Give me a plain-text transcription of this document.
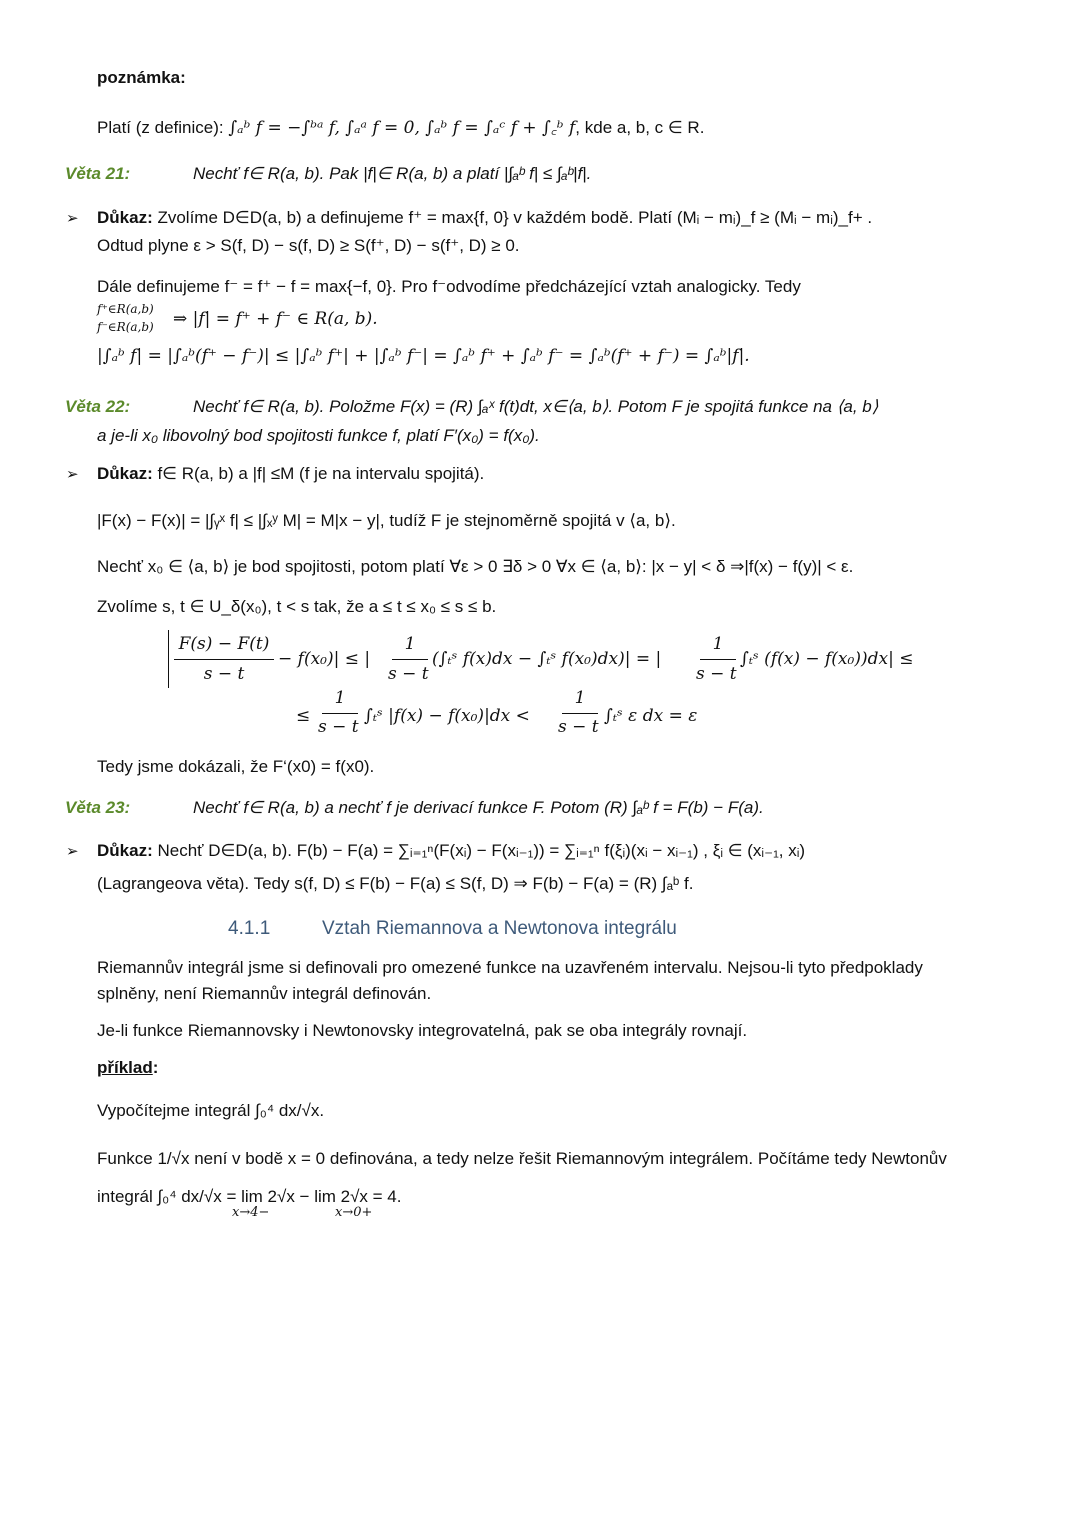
poznámka:
Platí (z definice): ∫ₐᵇ f = −∫ᵇᵃ f, ∫ₐᵃ f = 0, ∫ₐᵇ f = ∫ₐᶜ f + ∫꜀ᵇ f, kde a, b, c ∈ R.
Věta 21:	Nechť f∈ R(a, b). Pak |f|∈ R(a, b) a platí |∫ₐᵇ f| ≤ ∫ₐᵇ|f|.
➢ Důkaz: Zvolíme D∈D(a, b) a definujeme f⁺ = max{f, 0} v každém bodě. Platí (Mᵢ − mᵢ)_f ≥ (Mᵢ − mᵢ)_f+ .
Odtud plyne ε > S(f, D) − s(f, D) ≥ S(f⁺, D) − s(f⁺, D) ≥ 0.
Dále definujeme f⁻ = f⁺ − f = max{−f, 0}. Pro f⁻odvodíme předcházející vztah analogicky. Tedy
f⁺∈R(a,b)
f⁻∈R(a,b) ⇒ |f| = f⁺ + f⁻ ∈ R(a, b).
|∫ₐᵇ f| = |∫ₐᵇ(f⁺ − f⁻)| ≤ |∫ₐᵇ f⁺| + |∫ₐᵇ f⁻| = ∫ₐᵇ f⁺ + ∫ₐᵇ f⁻ = ∫ₐᵇ(f⁺ + f⁻) = ∫ₐᵇ|f|.
Věta 22:	Nechť f∈ R(a, b). Položme F(x) = (R) ∫ₐˣ f(t)dt, x∈⟨a, b⟩. Potom F je spojitá funkce na ⟨a, b⟩
a je-li x₀ libovolný bod spojitosti funkce f, platí F′(x₀) = f(x₀).
➢ Důkaz: f∈ R(a, b) a |f| ≤M (f je na intervalu spojitá).
|F(x) − F(x)| = |∫ᵧˣ f| ≤ |∫ₓʸ M| = M|x − y|, tudíž F je stejnoměrně spojitá v ⟨a, b⟩.
Nechť x₀ ∈ ⟨a, b⟩ je bod spojitosti, potom platí ∀ε > 0 ∃δ > 0 ∀x ∈ ⟨a, b⟩: |x − y| < δ ⇒|f(x) − f(y)| < ε.
Zvolíme s, t ∈ U_δ(x₀), t < s tak, že a ≤ t ≤ x₀ ≤ s ≤ b.
F(s) − F(t)
s − t
− f(x₀)| ≤ |
1
s − t
(∫ₜˢ f(x)dx − ∫ₜˢ f(x₀)dx)| = |
1
s − t
∫ₜˢ (f(x) − f(x₀))dx| ≤
≤
1
s − t
∫ₜˢ |f(x) − f(x₀)|dx <
1
s − t
∫ₜˢ ε dx = ε
Tedy jsme dokázali, že F‘(x0) = f(x0).
Věta 23:	Nechť f∈ R(a, b) a nechť f je derivací funkce F. Potom (R) ∫ₐᵇ f = F(b) − F(a).
➢ Důkaz: Nechť D∈D(a, b). F(b) − F(a) = ∑ᵢ₌₁ⁿ(F(xᵢ) − F(xᵢ₋₁)) = ∑ᵢ₌₁ⁿ f(ξᵢ)(xᵢ − xᵢ₋₁) , ξᵢ ∈ (xᵢ₋₁, xᵢ)
(Lagrangeova věta). Tedy s(f, D) ≤ F(b) − F(a) ≤ S(f, D) ⇒ F(b) − F(a) = (R) ∫ₐᵇ f.
4.1.1	Vztah Riemannova a Newtonova integrálu
Riemannův integrál jsme si definovali pro omezené funkce na uzavřeném intervalu. Nejsou-li tyto předpoklady
splněny, není Riemannův integrál definován.
Je-li funkce Riemannovsky i Newtonovsky integrovatelná, pak se oba integrály rovnají.
příklad:
Vypočítejme integrál ∫₀⁴ dx/√x.
Funkce 1/√x není v bodě x = 0 definována, a tedy nelze řešit Riemannovým integrálem. Počítáme tedy Newtonův
integrál ∫₀⁴ dx/√x = lim 2√x − lim 2√x = 4.
x→4−	x→0+
